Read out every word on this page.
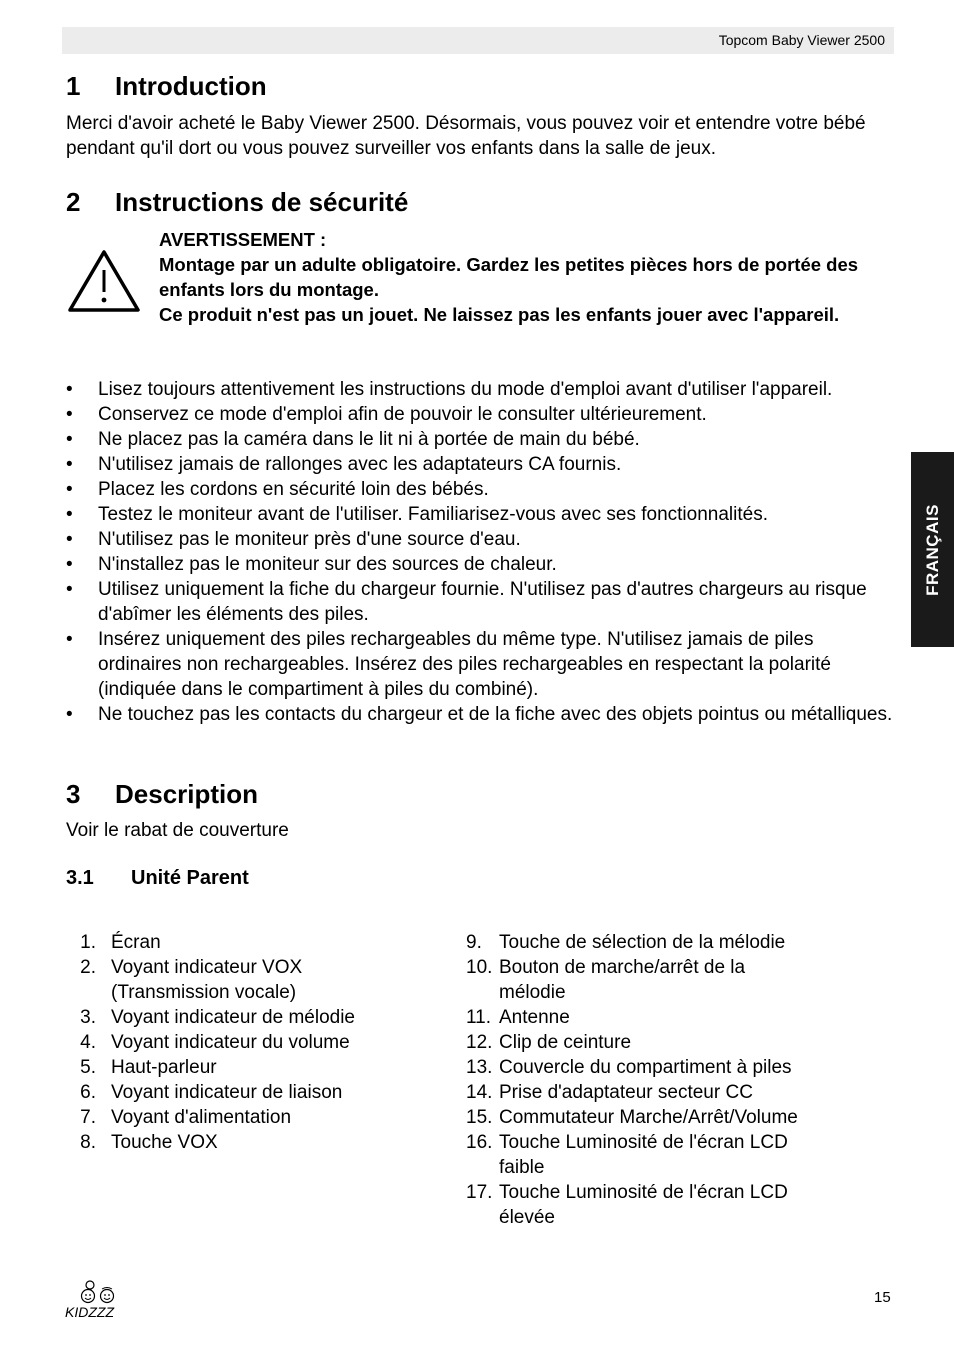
Topcom Baby Viewer 2500
FRANÇAIS
1 Introduction

Merci d'avoir acheté le Baby Viewer 2500. Désormais, vous pouvez voir et entendre votre bébé pendant qu'il dort ou vous pouvez surveiller vos enfants dans la salle de jeux.

2 Instructions de sécurité
AVERTISSEMENT :
Montage par un adulte obligatoire. Gardez les petites pièces hors de portée des enfants lors du montage.
Ce produit n'est pas un jouet. Ne laissez pas les enfants jouer avec l'appareil.
• Lisez toujours attentivement les instructions du mode d'emploi avant d'utiliser l'appareil.
• Conservez ce mode d'emploi afin de pouvoir le consulter ultérieurement.
• Ne placez pas la caméra dans le lit ni à portée de main du bébé.
• N'utilisez jamais de rallonges avec les adaptateurs CA fournis.
• Placez les cordons en sécurité loin des bébés.
• Testez le moniteur avant de l'utiliser. Familiarisez-vous avec ses fonctionnalités.
• N'utilisez pas le moniteur près d'une source d'eau.
• N'installez pas le moniteur sur des sources de chaleur.
• Utilisez uniquement la fiche du chargeur fournie. N'utilisez pas d'autres chargeurs au risque d'abîmer les éléments des piles.
• Insérez uniquement des piles rechargeables du même type. N'utilisez jamais de piles ordinaires non rechargeables. Insérez des piles rechargeables en respectant la polarité (indiquée dans le compartiment à piles du combiné).
• Ne touchez pas les contacts du chargeur et de la fiche avec des objets pointus ou métalliques.
3 Description

Voir le rabat de couverture

3.1 Unité Parent
1. Écran
2. Voyant indicateur VOX (Transmission vocale)
3. Voyant indicateur de mélodie
4. Voyant indicateur du volume
5. Haut-parleur
6. Voyant indicateur de liaison
7. Voyant d'alimentation
8. Touche VOX
9. Touche de sélection de la mélodie
10. Bouton de marche/arrêt de la mélodie
11. Antenne
12. Clip de ceinture
13. Couvercle du compartiment à piles
14. Prise d'adaptateur secteur CC
15. Commutateur Marche/Arrêt/Volume
16. Touche Luminosité de l'écran LCD faible
17. Touche Luminosité de l'écran LCD élevée
KIDZZZ
15
